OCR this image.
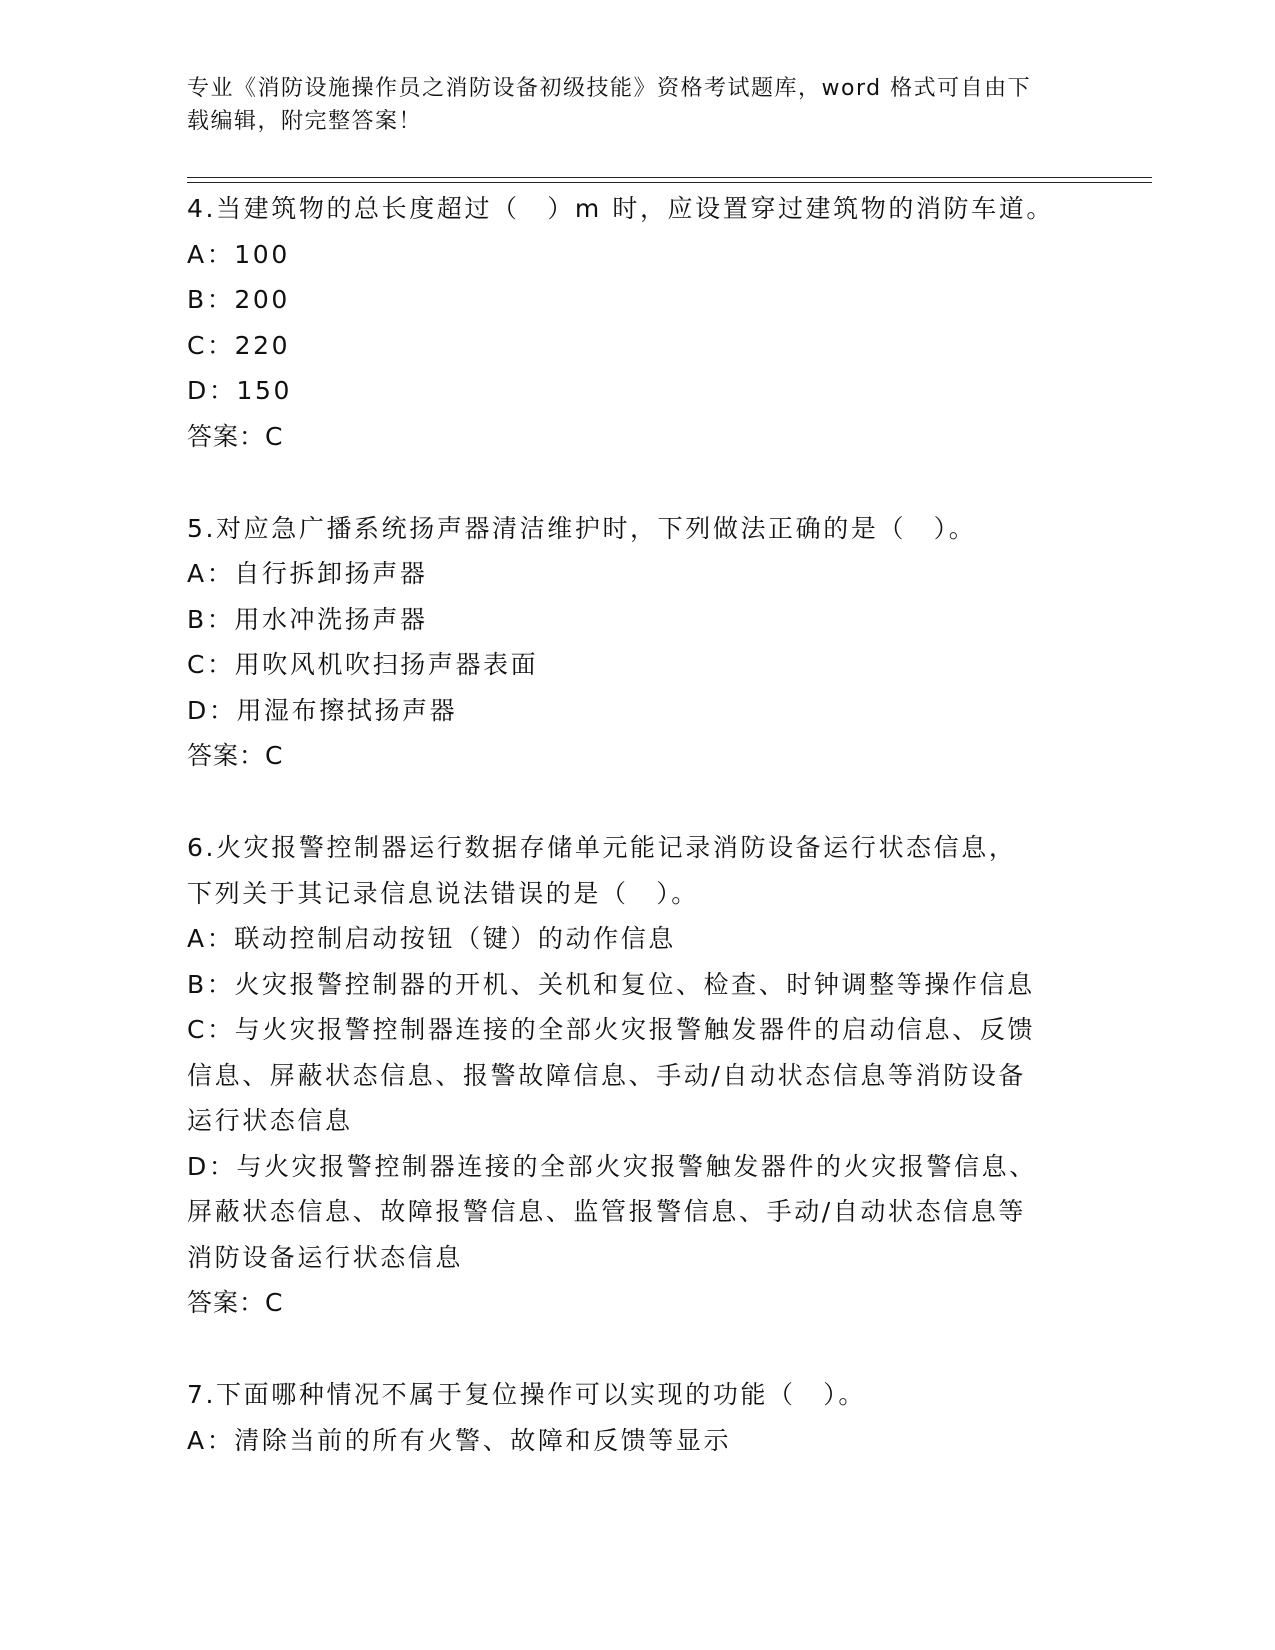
专业《消防设施操作员之消防设备初级技能》资格考试题库，word 格式可自由下
载编辑，附完整答案！
4.当建筑物的总长度超过（　）m 时，应设置穿过建筑物的消防车道。
A：100
B：200
C：220
D：150
答案：C
5.对应急广播系统扬声器清洁维护时，下列做法正确的是（　）。
A：自行拆卸扬声器
B：用水冲洗扬声器
C：用吹风机吹扫扬声器表面
D：用湿布擦拭扬声器
答案：C
6.火灾报警控制器运行数据存储单元能记录消防设备运行状态信息，
下列关于其记录信息说法错误的是（　）。
A：联动控制启动按钮（键）的动作信息
B：火灾报警控制器的开机、关机和复位、检查、时钟调整等操作信息
C：与火灾报警控制器连接的全部火灾报警触发器件的启动信息、反馈
信息、屏蔽状态信息、报警故障信息、手动/自动状态信息等消防设备
运行状态信息
D：与火灾报警控制器连接的全部火灾报警触发器件的火灾报警信息、
屏蔽状态信息、故障报警信息、监管报警信息、手动/自动状态信息等
消防设备运行状态信息
答案：C
7.下面哪种情况不属于复位操作可以实现的功能（　）。
A：清除当前的所有火警、故障和反馈等显示
